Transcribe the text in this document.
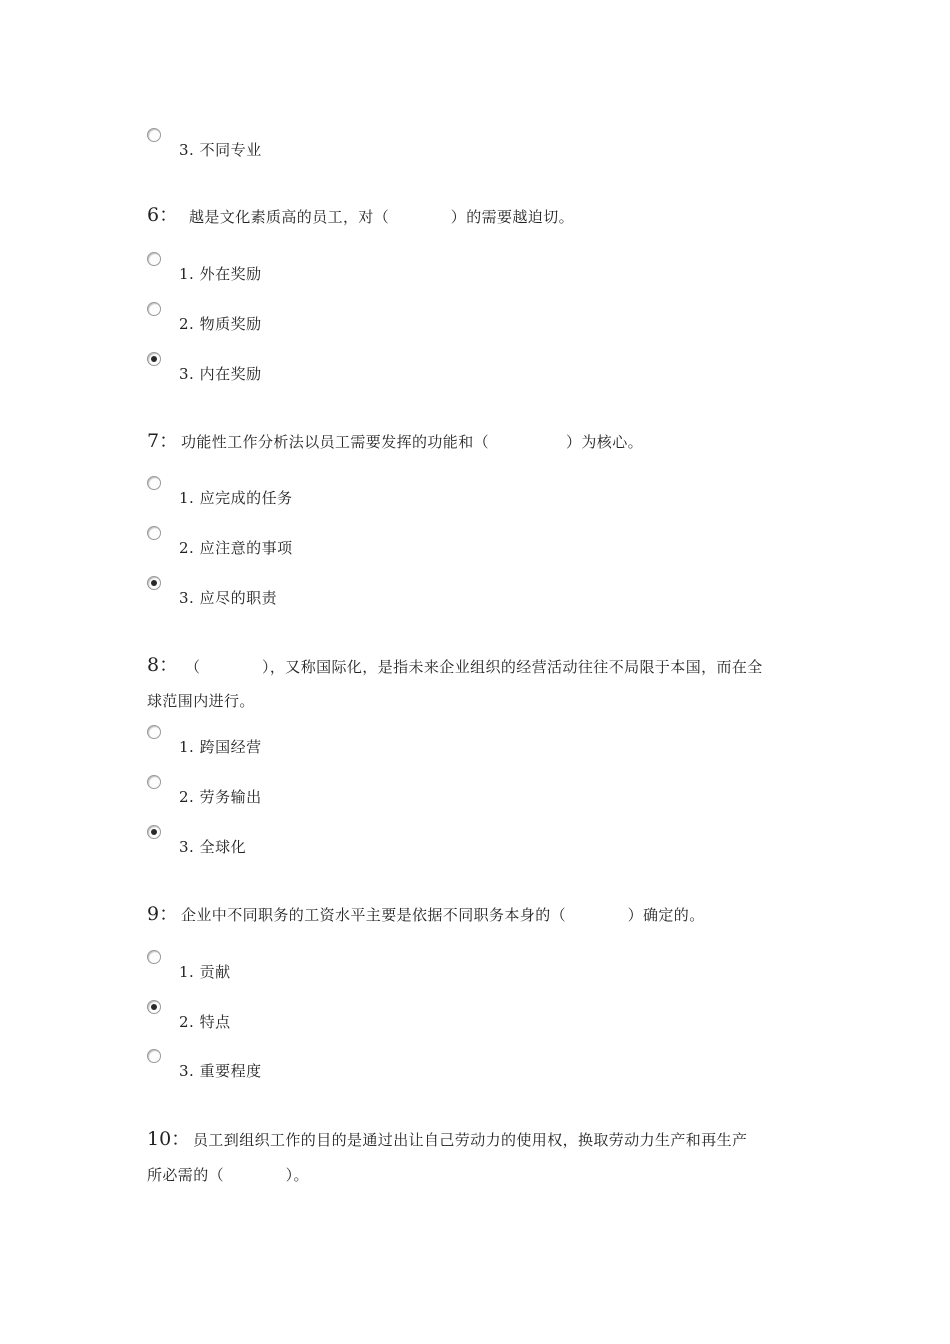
3. 不同专业
6： 越是文化素质高的员工，对（　　　　）的需要越迫切。
1. 外在奖励
2. 物质奖励
3. 内在奖励
7： 功能性工作分析法以员工需要发挥的功能和（　　　　　）为核心。
1. 应完成的任务
2. 应注意的事项
3. 应尽的职责
8： （　　　　），又称国际化，是指未来企业组织的经营活动往往不局限于本国，而在全
球范围内进行。
1. 跨国经营
2. 劳务输出
3. 全球化
9： 企业中不同职务的工资水平主要是依据不同职务本身的（　　　　）确定的。
1. 贡献
2. 特点
3. 重要程度
10： 员工到组织工作的目的是通过出让自己劳动力的使用权，换取劳动力生产和再生产
所必需的（　　　　）。
